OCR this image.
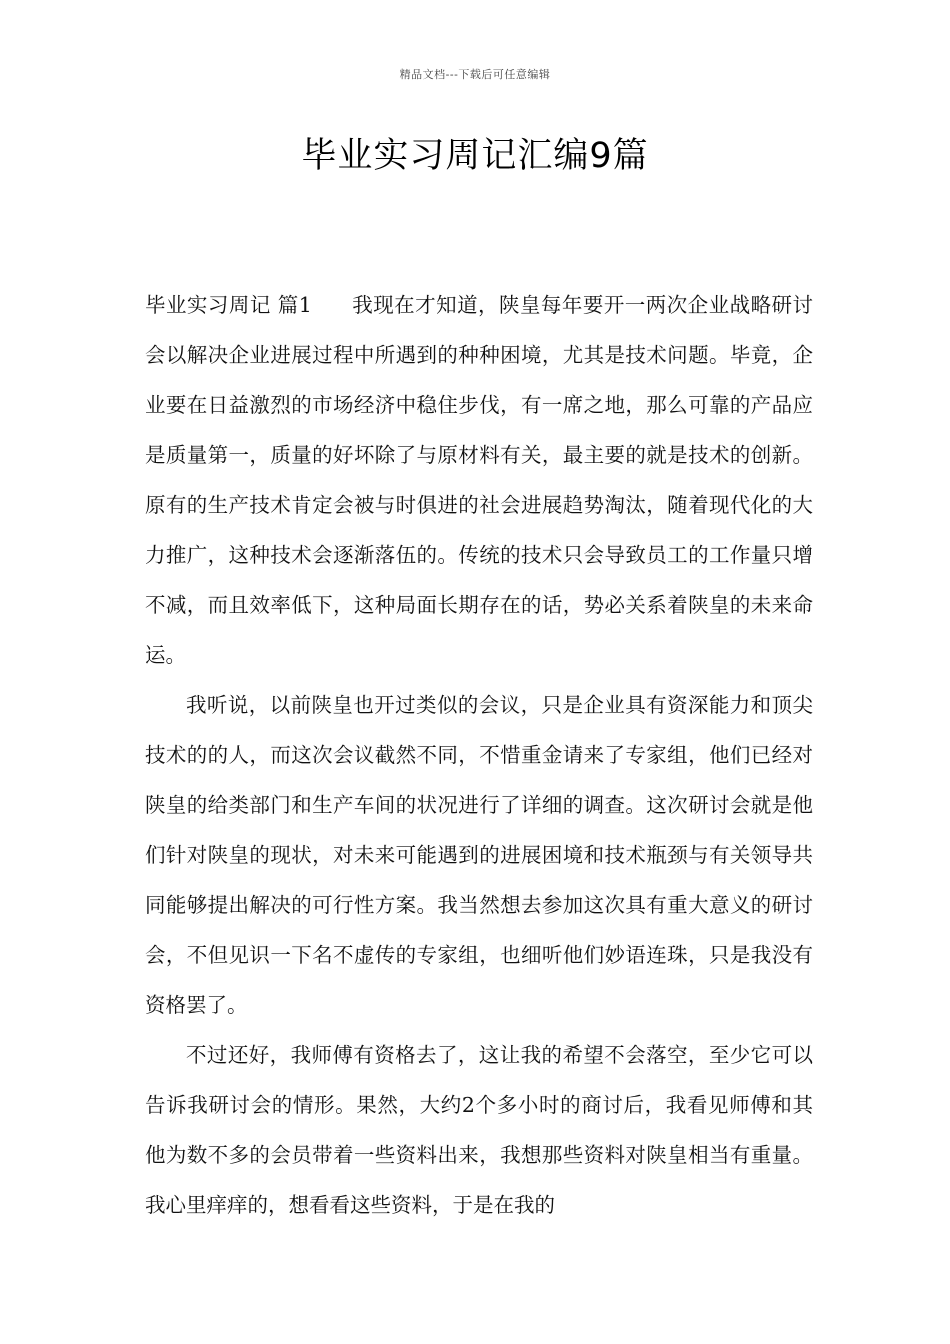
精品文档---下载后可任意编辑
毕业实习周记汇编9篇

毕业实习周记 篇1 我现在才知道，陕皇每年要开一两次企业战略研讨会以解决企业进展过程中所遇到的种种困境，尤其是技术问题。毕竟，企业要在日益激烈的市场经济中稳住步伐，有一席之地，那么可靠的产品应是质量第一，质量的好坏除了与原材料有关，最主要的就是技术的创新。原有的生产技术肯定会被与时俱进的社会进展趋势淘汰，随着现代化的大力推广，这种技术会逐渐落伍的。传统的技术只会导致员工的工作量只增不减，而且效率低下，这种局面长期存在的话，势必关系着陕皇的未来命运。

我听说，以前陕皇也开过类似的会议，只是企业具有资深能力和顶尖技术的的人，而这次会议截然不同，不惜重金请来了专家组，他们已经对陕皇的给类部门和生产车间的状况进行了详细的调查。这次研讨会就是他们针对陕皇的现状，对未来可能遇到的进展困境和技术瓶颈与有关领导共同能够提出解决的可行性方案。我当然想去参加这次具有重大意义的研讨会，不但见识一下名不虚传的专家组，也细听他们妙语连珠，只是我没有资格罢了。

不过还好，我师傅有资格去了，这让我的希望不会落空，至少它可以告诉我研讨会的情形。果然，大约2个多小时的商讨后，我看见师傅和其他为数不多的会员带着一些资料出来，我想那些资料对陕皇相当有重量。我心里痒痒的，想看看这些资料，于是在我的
